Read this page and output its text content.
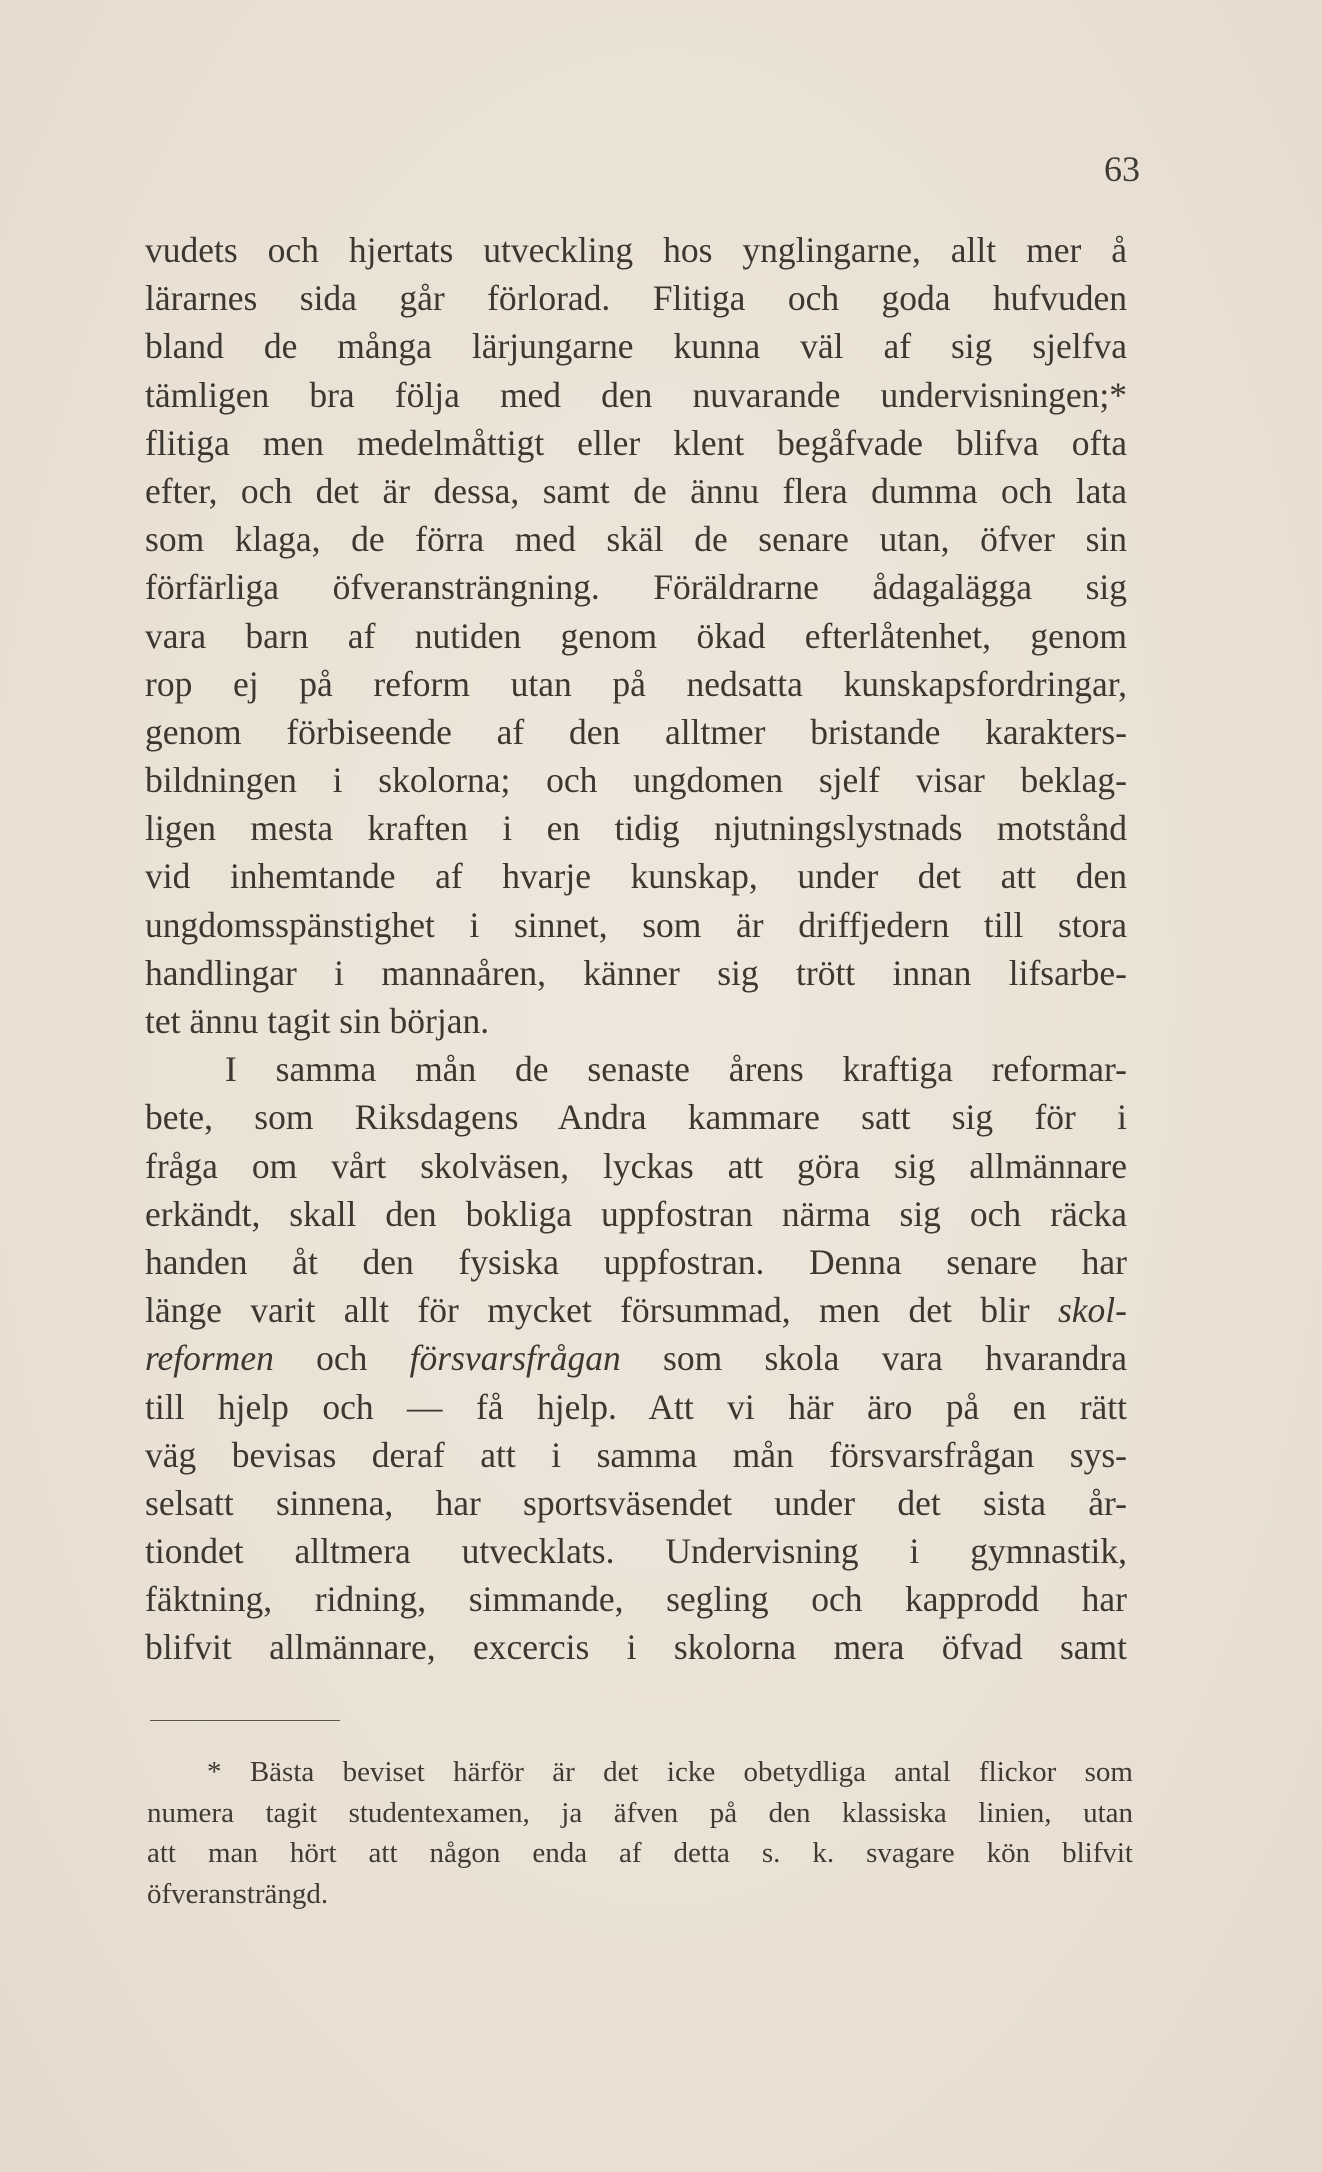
63
vudets och hjertats utveckling hos ynglingarne, allt mer å
lärarnes sida går förlorad. Flitiga och goda hufvuden
bland de många lärjungarne kunna väl af sig sjelfva
tämligen bra följa med den nuvarande undervisningen;*
flitiga men medelmåttigt eller klent begåfvade blifva ofta
efter, och det är dessa, samt de ännu flera dumma och lata
som klaga, de förra med skäl de senare utan, öfver sin
förfärliga öfveransträngning. Föräldrarne ådagalägga sig
vara barn af nutiden genom ökad efterlåtenhet, genom
rop ej på reform utan på nedsatta kunskapsfordringar,
genom förbiseende af den alltmer bristande karakters-
bildningen i skolorna; och ungdomen sjelf visar beklag-
ligen mesta kraften i en tidig njutningslystnads motstånd
vid inhemtande af hvarje kunskap, under det att den
ungdomsspänstighet i sinnet, som är driffjedern till stora
handlingar i mannaåren, känner sig trött innan lifsarbe-
tet ännu tagit sin början.
I samma mån de senaste årens kraftiga reformar-
bete, som Riksdagens Andra kammare satt sig för i
fråga om vårt skolväsen, lyckas att göra sig allmännare
erkändt, skall den bokliga uppfostran närma sig och räcka
handen åt den fysiska uppfostran. Denna senare har
länge varit allt för mycket försummad, men det blir skol-
reformen och försvarsfrågan som skola vara hvarandra
till hjelp och — få hjelp. Att vi här äro på en rätt
väg bevisas deraf att i samma mån försvarsfrågan sys-
selsatt sinnena, har sportsväsendet under det sista år-
tiondet alltmera utvecklats. Undervisning i gymnastik,
fäktning, ridning, simmande, segling och kapprodd har
blifvit allmännare, excercis i skolorna mera öfvad samt
* Bästa beviset härför är det icke obetydliga antal flickor som
numera tagit studentexamen, ja äfven på den klassiska linien, utan
att man hört att någon enda af detta s. k. svagare kön blifvit
öfveransträngd.
